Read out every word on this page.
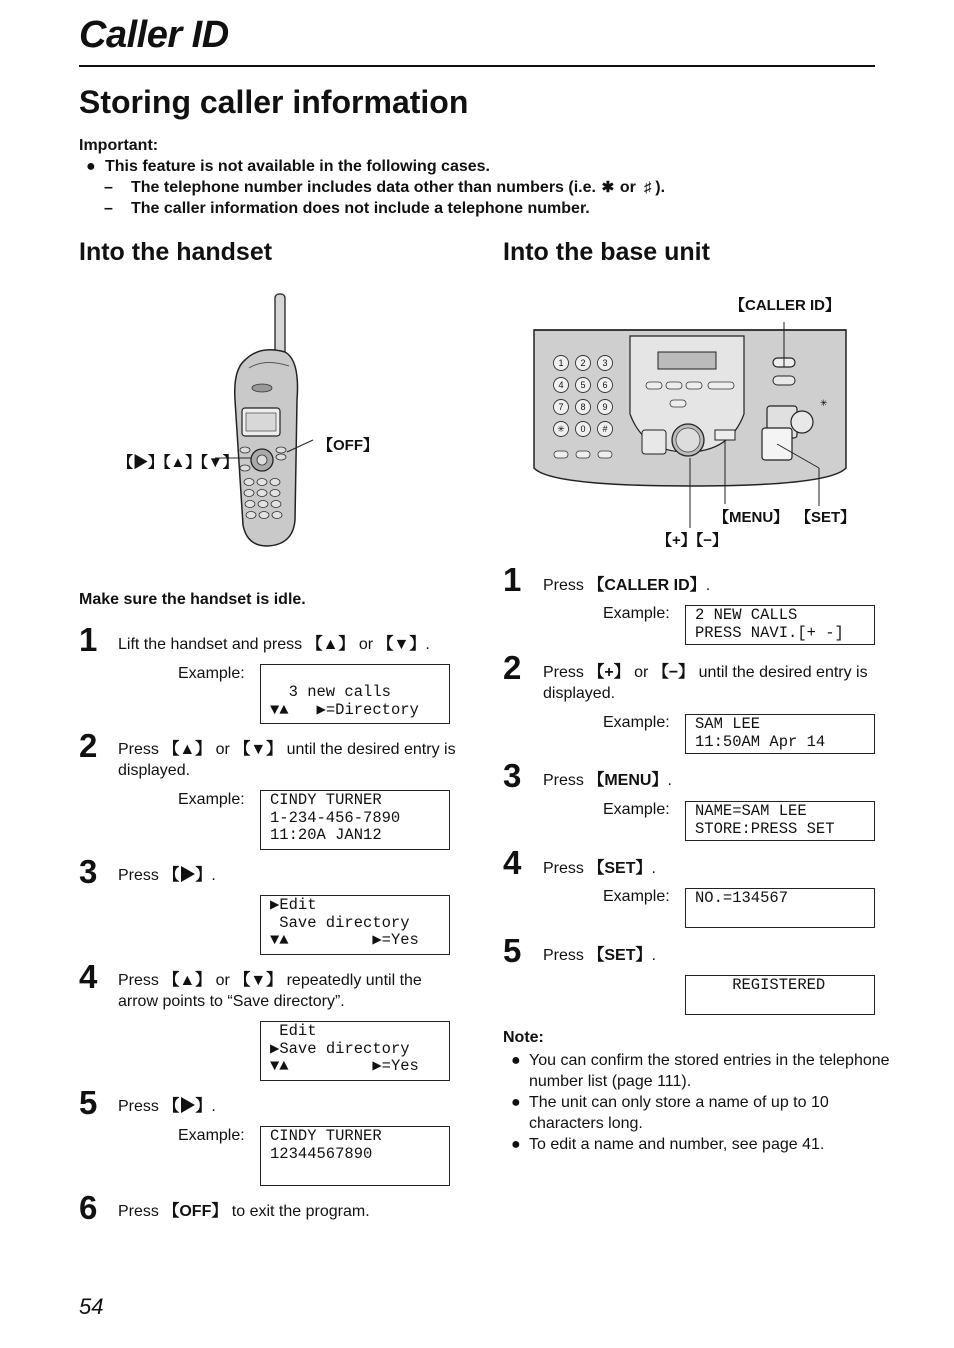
Caller ID
Storing caller information
Important:
● This feature is not available in the following cases.
– The telephone number includes data other than numbers (i.e. ✱ or ♯ ).
– The caller information does not include a telephone number.
Into the handset
【▶】【▲】【▼】
【OFF】
Make sure the handset is idle.
1 Lift the handset and press 【▲】 or 【▼】.
Example:
3 new calls
▼▲   ▶=Directory
2 Press 【▲】 or 【▼】 until the desired entry is displayed.
Example:	CINDY TURNER
1-234-456-7890
11:20A JAN12
3 Press 【▶】.
▶Edit
Save directory
▼▲         ▶=Yes
4 Press 【▲】 or 【▼】 repeatedly until the arrow points to “Save directory”.
Edit
▶Save directory
▼▲         ▶=Yes
5 Press 【▶】.
Example:	CINDY TURNER
12344567890
6 Press 【OFF】 to exit the program.
Into the base unit
【CALLER ID】
✳
1 2 3
4 5 6
7 8 9
✳ 0 #
【MENU】 【SET】
【+】【−】
1 Press 【CALLER ID】.
Example:	2 NEW CALLS
PRESS NAVI.[+ -]
2 Press 【+】 or 【−】 until the desired entry is displayed.
Example:	SAM LEE
11:50AM Apr 14
3 Press 【MENU】.
Example:	NAME=SAM LEE
STORE:PRESS SET
4 Press 【SET】.
Example:	NO.=134567
5 Press 【SET】.
REGISTERED
Note:
● You can confirm the stored entries in the telephone number list (page 111).
● The unit can only store a name of up to 10 characters long.
● To edit a name and number, see page 41.
54
